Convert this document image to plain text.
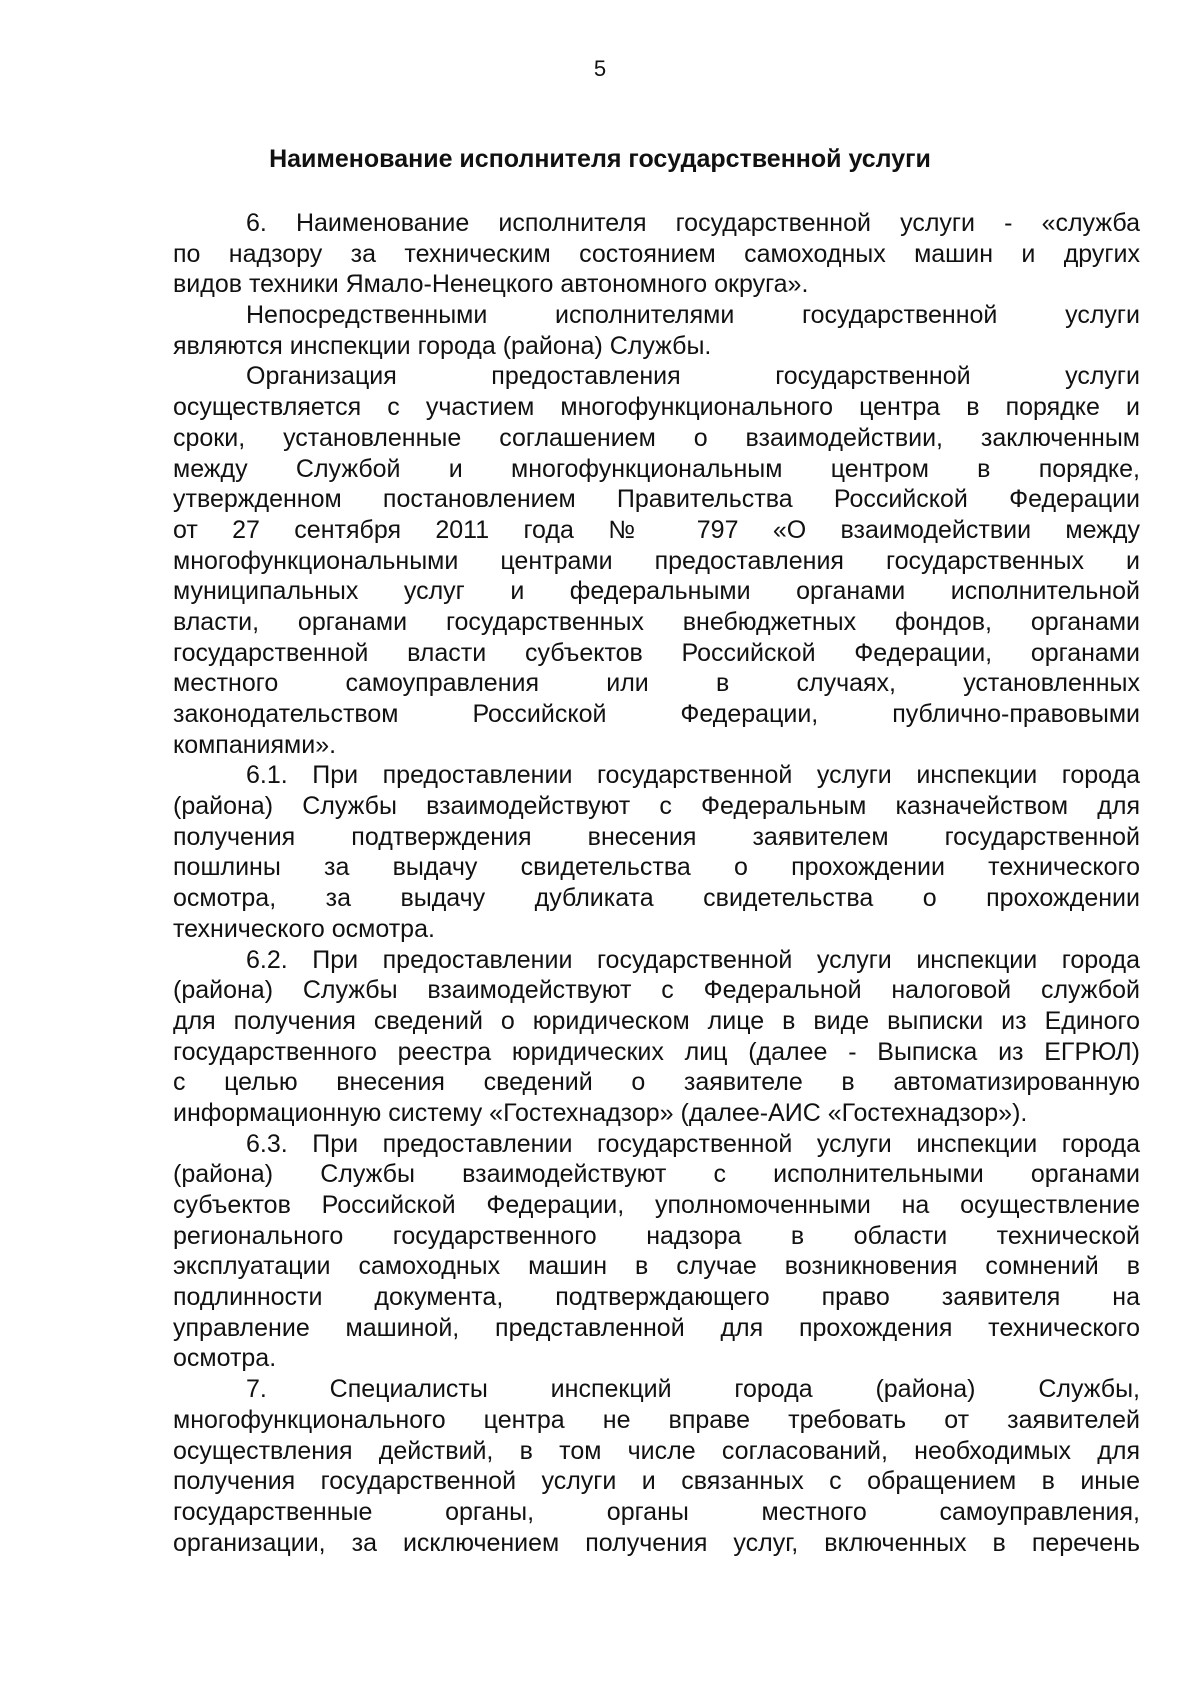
5
Наименование исполнителя государственной услуги
6. Наименование исполнителя государственной услуги - «служба
по надзору за техническим состоянием самоходных машин и других
видов техники Ямало-Ненецкого автономного округа».
Непосредственными исполнителями государственной услуги
являются инспекции города (района) Службы.
Организация предоставления государственной услуги
осуществляется с участием многофункционального центра в порядке и
сроки, установленные соглашением о взаимодействии, заключенным
между Службой и многофункциональным центром в порядке,
утвержденном постановлением Правительства Российской Федерации
от 27 сентября 2011 года № 797 «О взаимодействии между
многофункциональными центрами предоставления государственных и
муниципальных услуг и федеральными органами исполнительной
власти, органами государственных внебюджетных фондов, органами
государственной власти субъектов Российской Федерации, органами
местного самоуправления или в случаях, установленных
законодательством Российской Федерации, публично-правовыми
компаниями».
6.1. При предоставлении государственной услуги инспекции города
(района) Службы взаимодействуют с Федеральным казначейством для
получения подтверждения внесения заявителем государственной
пошлины за выдачу свидетельства о прохождении технического
осмотра, за выдачу дубликата свидетельства о прохождении
технического осмотра.
6.2. При предоставлении государственной услуги инспекции города
(района) Службы взаимодействуют с Федеральной налоговой службой
для получения сведений о юридическом лице в виде выписки из Единого
государственного реестра юридических лиц (далее - Выписка из ЕГРЮЛ)
с целью внесения сведений о заявителе в автоматизированную
информационную систему «Гостехнадзор» (далее-АИС «Гостехнадзор»).
6.3. При предоставлении государственной услуги инспекции города
(района) Службы взаимодействуют с исполнительными органами
субъектов Российской Федерации, уполномоченными на осуществление
регионального государственного надзора в области технической
эксплуатации самоходных машин в случае возникновения сомнений в
подлинности документа, подтверждающего право заявителя на
управление машиной, представленной для прохождения технического
осмотра.
7. Специалисты инспекций города (района) Службы,
многофункционального центра не вправе требовать от заявителей
осуществления действий, в том числе согласований, необходимых для
получения государственной услуги и связанных с обращением в иные
государственные органы, органы местного самоуправления,
организации, за исключением получения услуг, включенных в перечень
